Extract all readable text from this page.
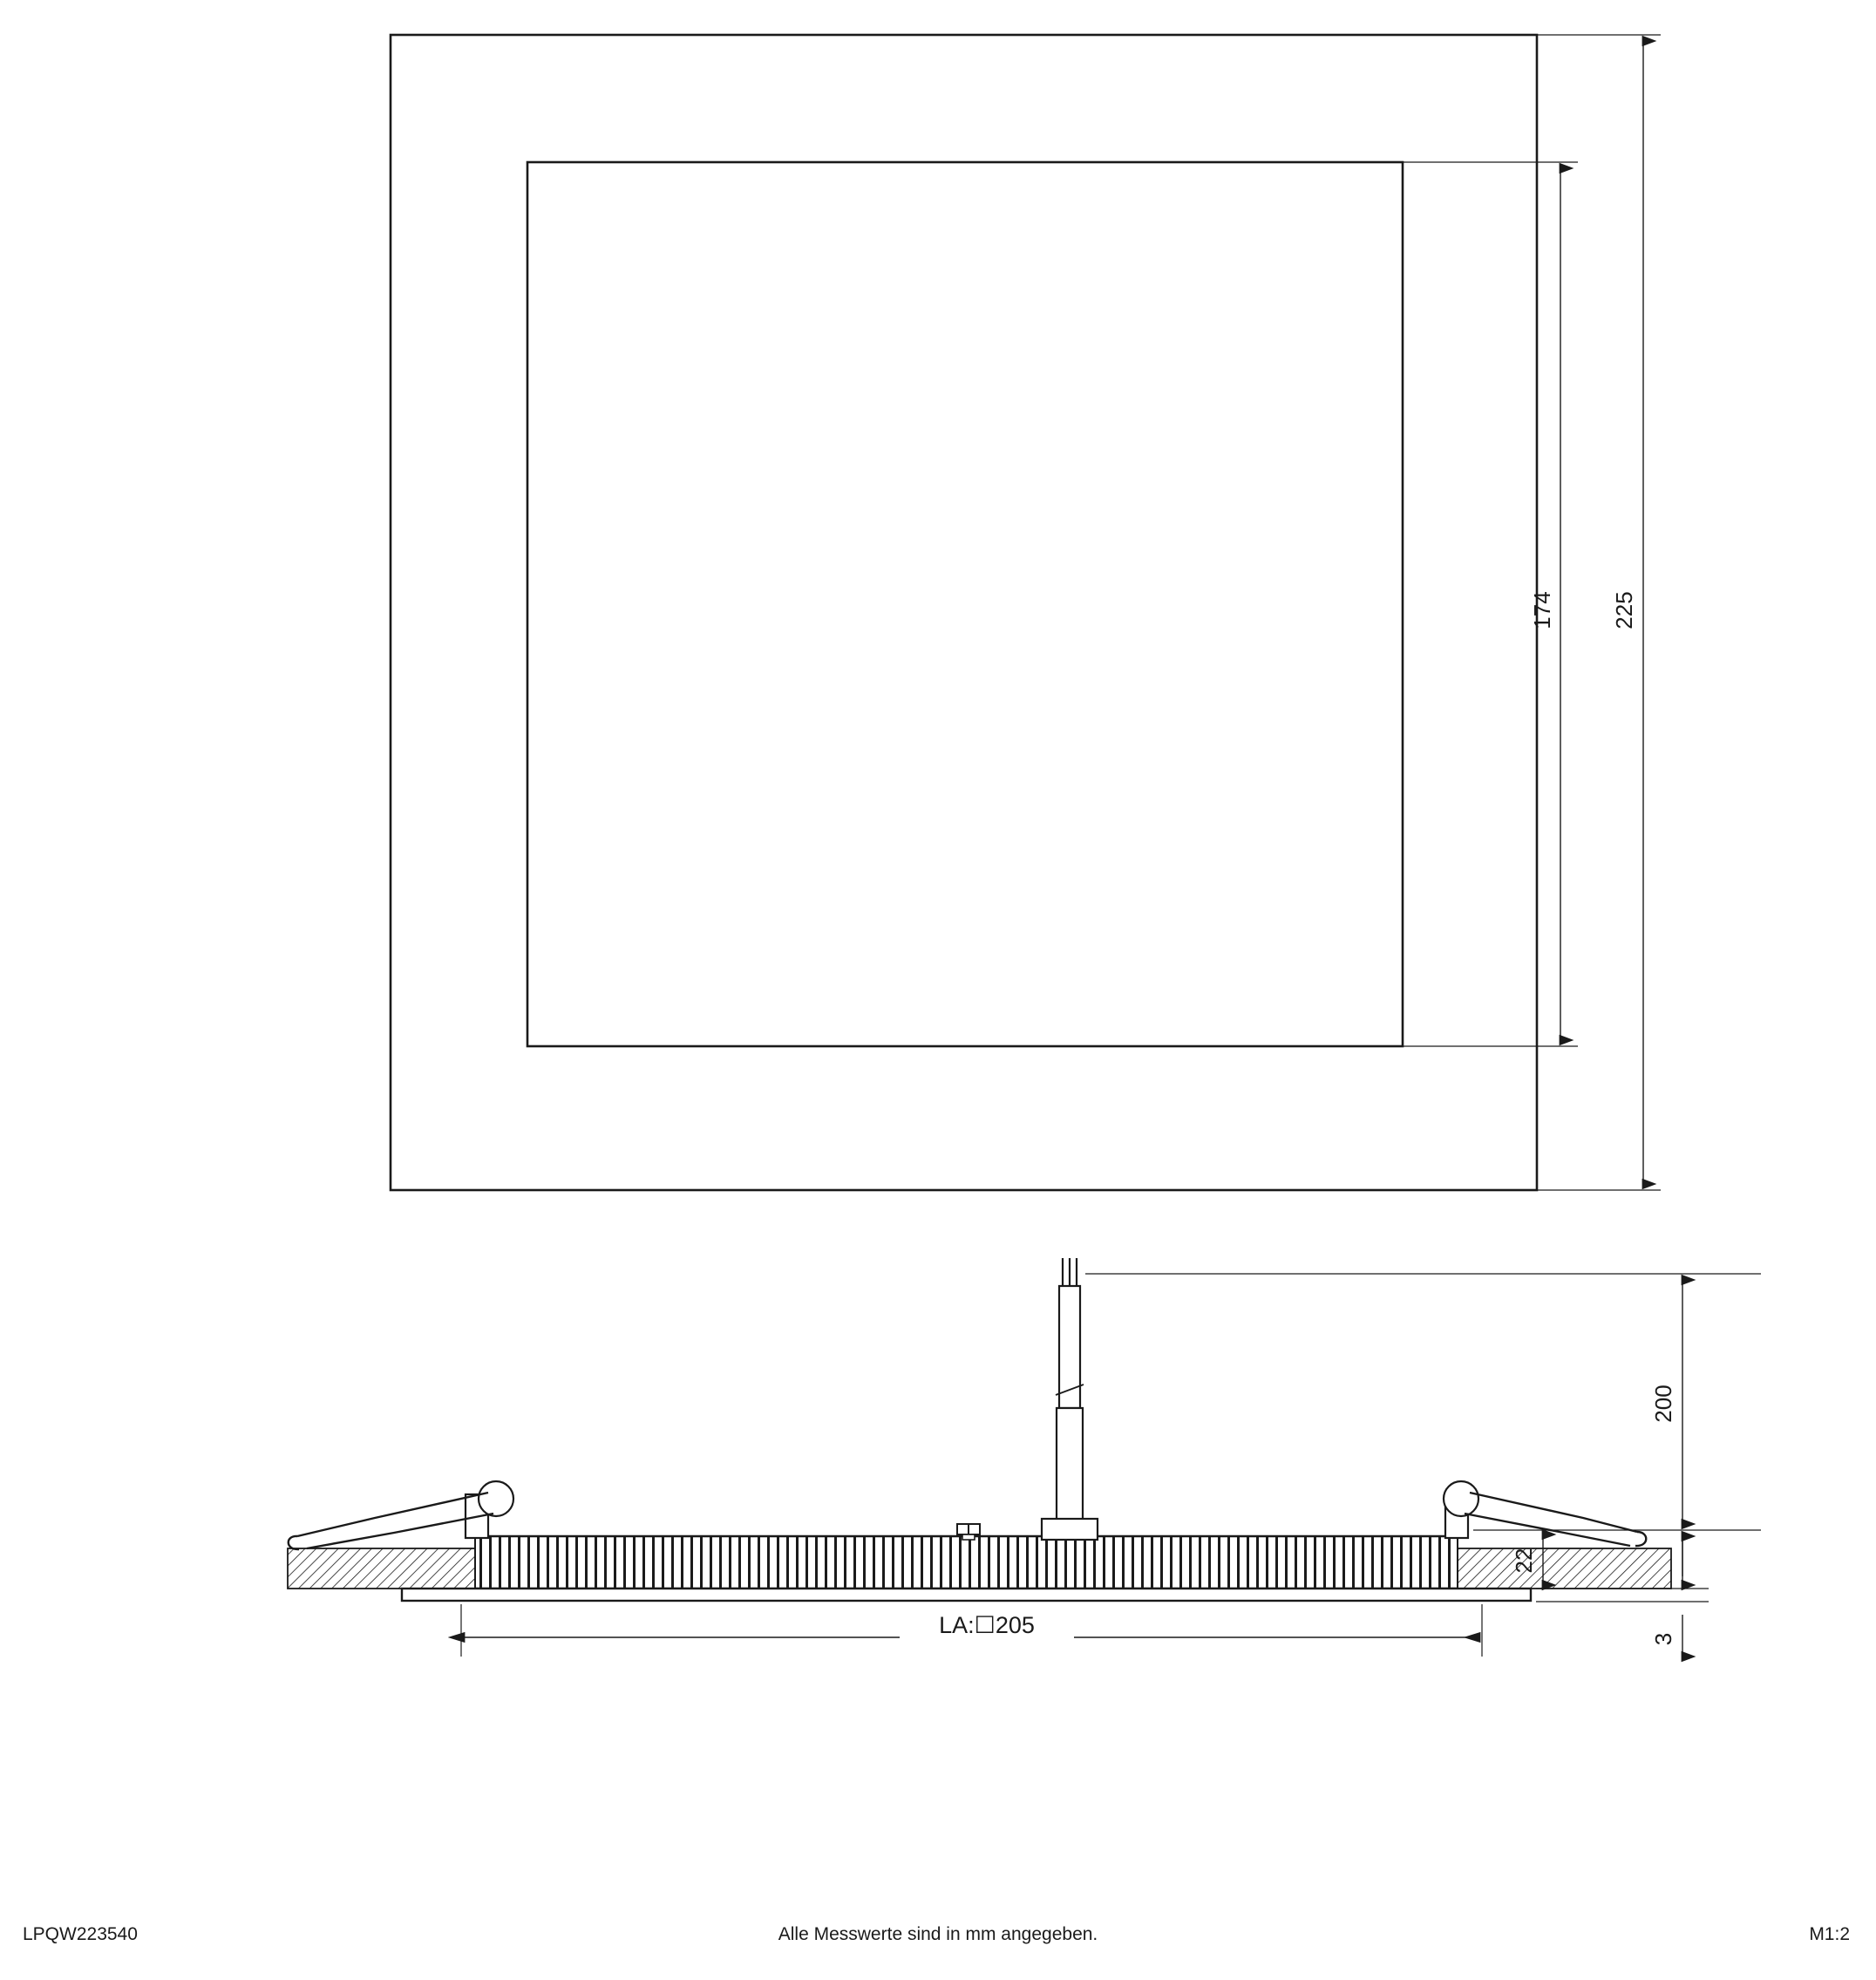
174 225
200
22
3
LA:☐205
LPQW223540	Alle Messwerte sind in mm angegeben.	M1:2
